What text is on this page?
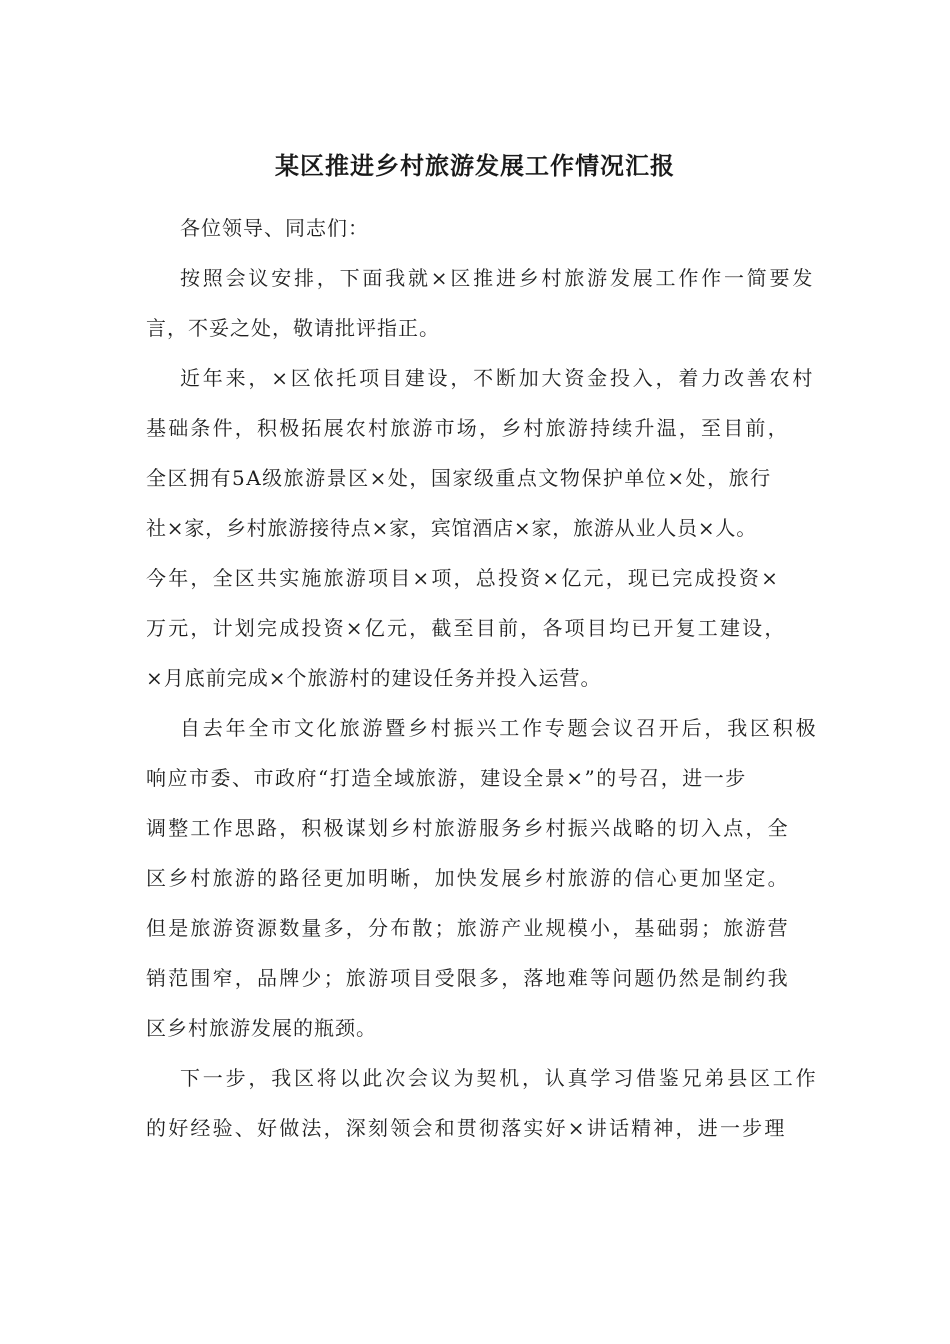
某区推进乡村旅游发展工作情况汇报
各位领导、同志们：
按照会议安排，下面我就×区推进乡村旅游发展工作作一简要发
言，不妥之处，敬请批评指正。
近年来，×区依托项目建设，不断加大资金投入，着力改善农村
基础条件，积极拓展农村旅游市场，乡村旅游持续升温，至目前，
全区拥有5A级旅游景区×处，国家级重点文物保护单位×处，旅行
社×家，乡村旅游接待点×家，宾馆酒店×家，旅游从业人员×人。
今年，全区共实施旅游项目×项，总投资×亿元，现已完成投资×
万元，计划完成投资×亿元，截至目前，各项目均已开复工建设，
×月底前完成×个旅游村的建设任务并投入运营。
自去年全市文化旅游暨乡村振兴工作专题会议召开后，我区积极
响应市委、市政府“打造全域旅游，建设全景×”的号召，进一步
调整工作思路，积极谋划乡村旅游服务乡村振兴战略的切入点，全
区乡村旅游的路径更加明晰，加快发展乡村旅游的信心更加坚定。
但是旅游资源数量多，分布散；旅游产业规模小，基础弱；旅游营
销范围窄，品牌少；旅游项目受限多，落地难等问题仍然是制约我
区乡村旅游发展的瓶颈。
下一步，我区将以此次会议为契机，认真学习借鉴兄弟县区工作
的好经验、好做法，深刻领会和贯彻落实好×讲话精神，进一步理
